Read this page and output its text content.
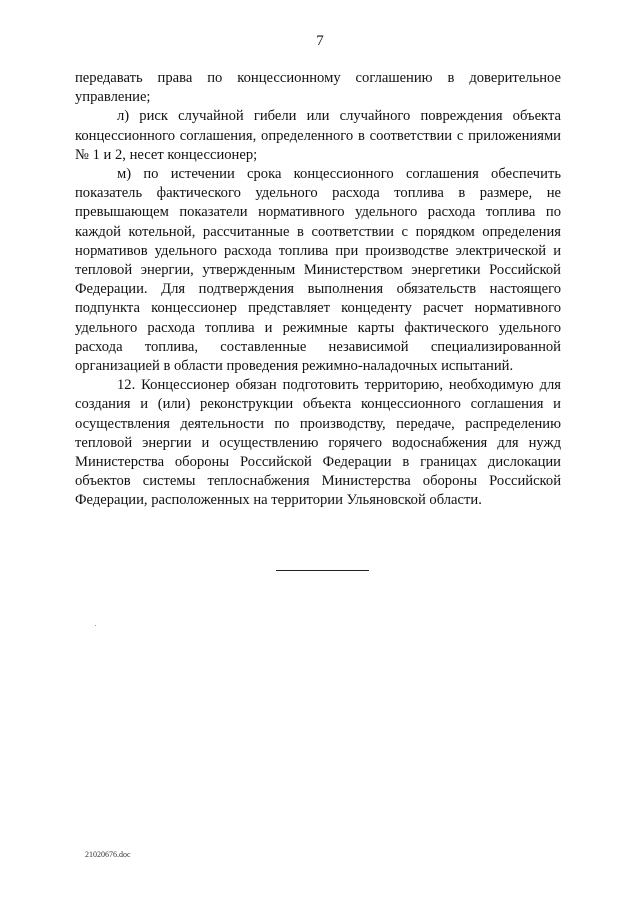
7

передавать права по концессионному соглашению в доверительное управление;

л) риск случайной гибели или случайного повреждения объекта концессионного соглашения, определенного в соответствии с приложениями № 1 и 2, несет концессионер;

м) по истечении срока концессионного соглашения обеспечить показатель фактического удельного расхода топлива в размере, не превышающем показатели нормативного удельного расхода топлива по каждой котельной, рассчитанные в соответствии с порядком определения нормативов удельного расхода топлива при производстве электрической и тепловой энергии, утвержденным Министерством энергетики Российской Федерации. Для подтверждения выполнения обязательств настоящего подпункта концессионер представляет концеденту расчет нормативного удельного расхода топлива и режимные карты фактического удельного расхода топлива, составленные независимой специализированной организацией в области проведения режимно-наладочных испытаний.

12. Концессионер обязан подготовить территорию, необходимую для создания и (или) реконструкции объекта концессионного соглашения и осуществления деятельности по производству, передаче, распределению тепловой энергии и осуществлению горячего водоснабжения для нужд Министерства обороны Российской Федерации в границах дислокации объектов системы теплоснабжения Министерства обороны Российской Федерации, расположенных на территории Ульяновской области.

21020676.doc
